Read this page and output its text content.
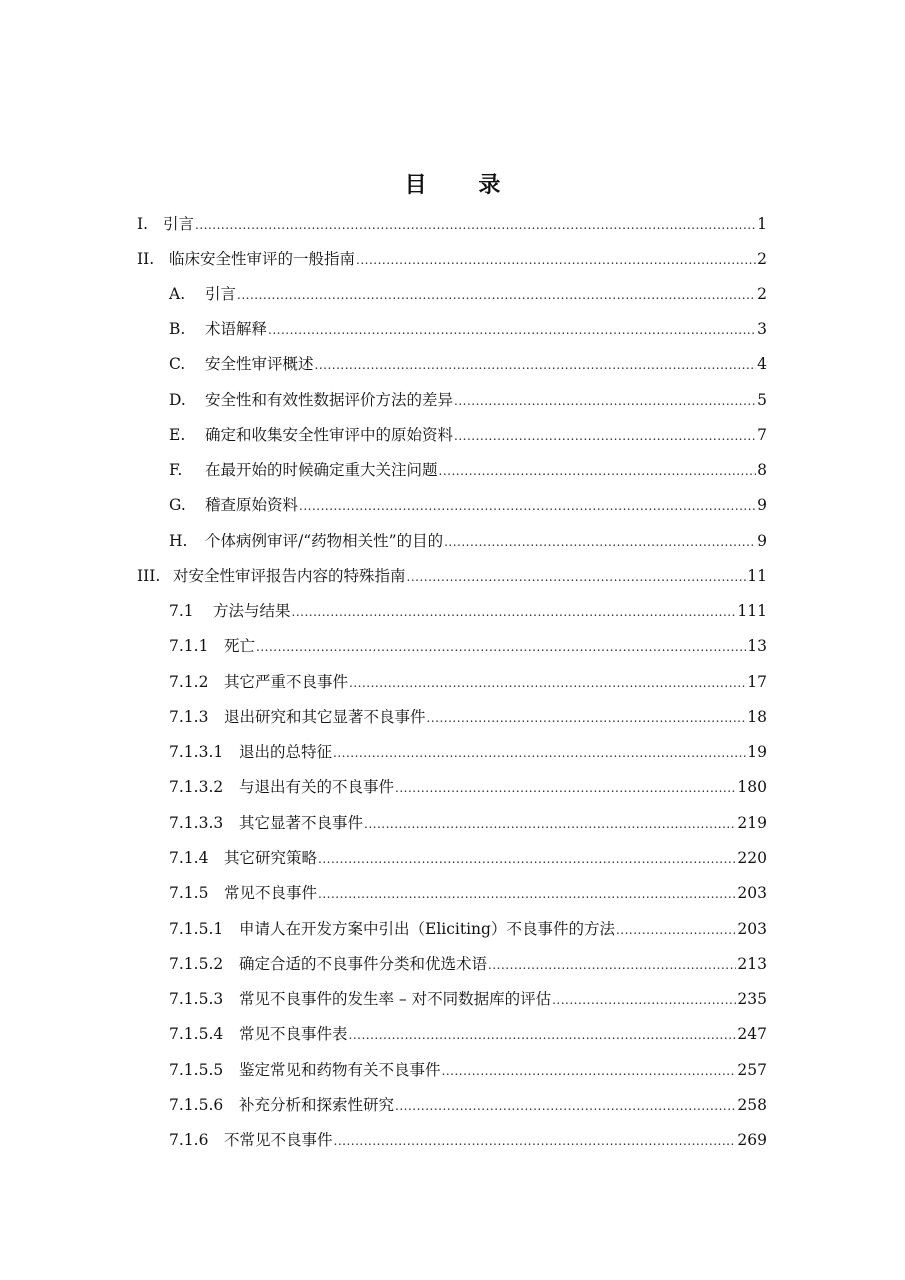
目 录
I. 引言 .....	1
II. 临床安全性审评的一般指南 .....	2
A.	引言 .....	2
B.	术语解释 .....	3
C.	安全性审评概述 .....	4
D.	安全性和有效性数据评价方法的差异 .....	5
E.	确定和收集安全性审评中的原始资料 .....	7
F.	在最开始的时候确定重大关注问题 .....	8
G.	稽查原始资料 .....	9
H.	个体病例审评/“药物相关性”的目的 .....	9
III. 对安全性审评报告内容的特殊指南 .....	11
7.1	方法与结果 .....	111
7.1.1	死亡 .....	13
7.1.2	其它严重不良事件 .....	17
7.1.3	退出研究和其它显著不良事件 .....	18
7.1.3.1	退出的总特征 .....	19
7.1.3.2	与退出有关的不良事件 .....	180
7.1.3.3	其它显著不良事件 .....	219
7.1.4	其它研究策略 .....	220
7.1.5	常见不良事件 .....	203
7.1.5.1	申请人在开发方案中引出（Eliciting）不良事件的方法 .....	203
7.1.5.2	确定合适的不良事件分类和优选术语 .....	213
7.1.5.3	常见不良事件的发生率 – 对不同数据库的评估 .....	235
7.1.5.4	常见不良事件表 .....	247
7.1.5.5	鉴定常见和药物有关不良事件 .....	257
7.1.5.6	补充分析和探索性研究 .....	258
7.1.6	不常见不良事件 .....	269
